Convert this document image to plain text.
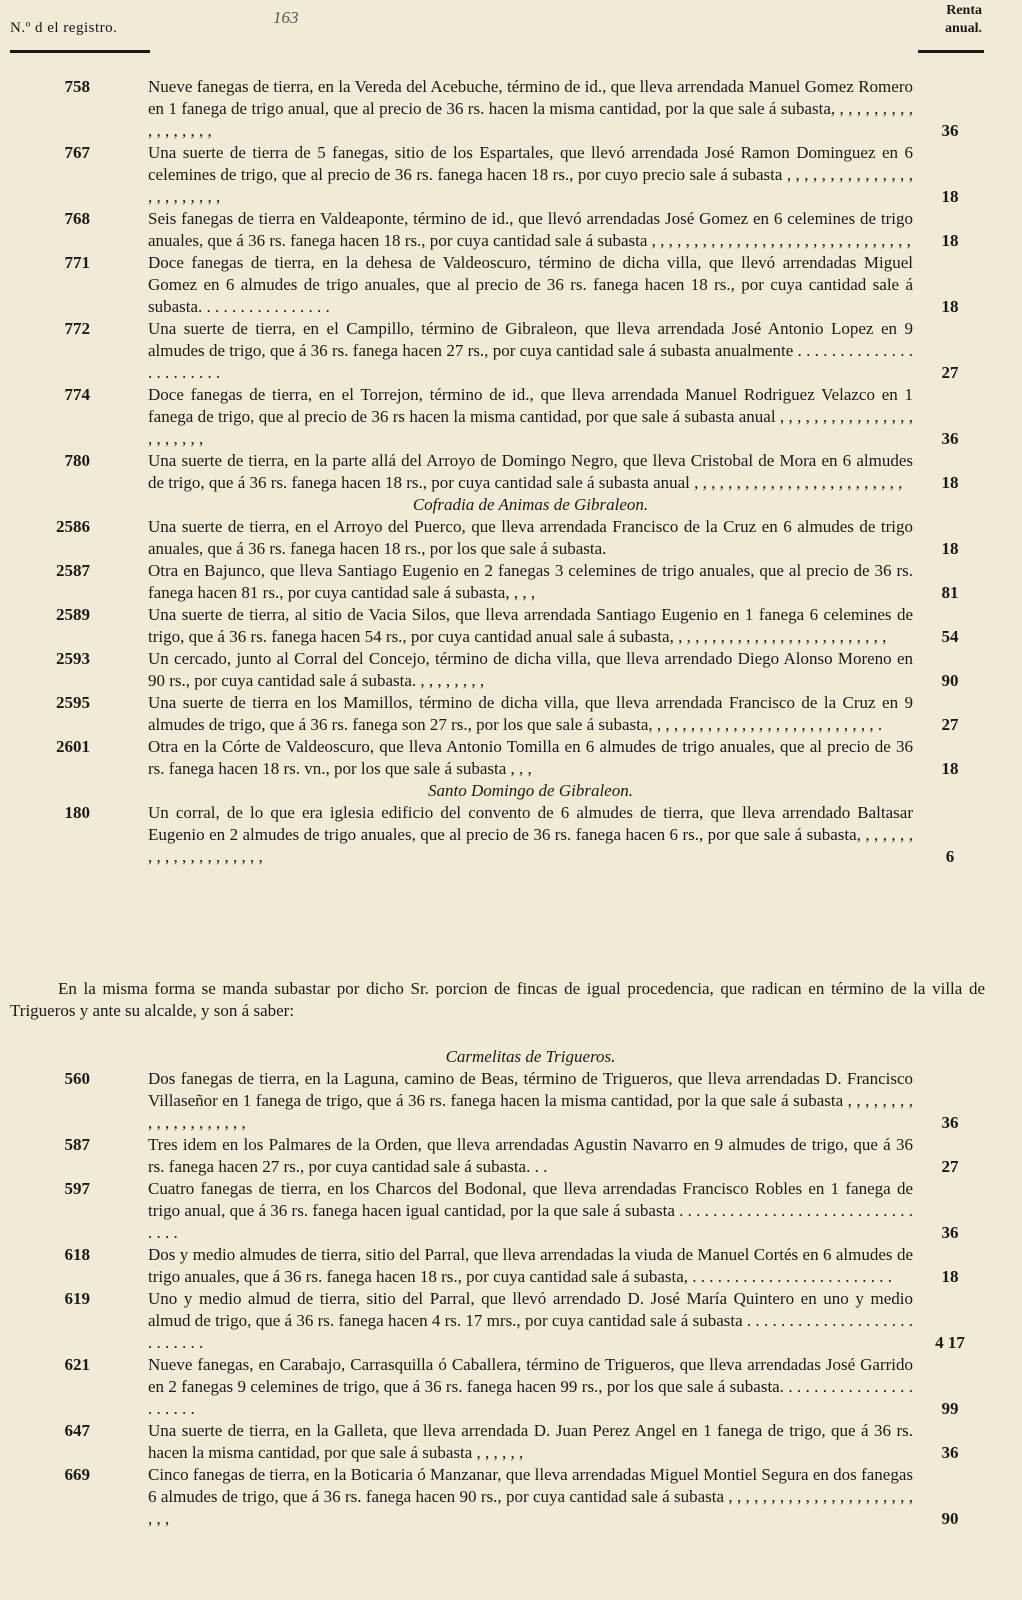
N.º d el registro.
163	Renta
anual.
758	Nueve fanegas de tierra, en la Vereda del Acebuche, término de id., que lleva arrendada Manuel Gomez Romero en 1 fanega de trigo anual, que al precio de 36 rs. hacen la misma cantidad, por la que sale á subasta, , , , , , , , , , , , , , , , , ,	36
767	Una suerte de tierra de 5 fanegas, sitio de los Espartales, que llevó arrendada José Ramon Dominguez en 6 celemines de trigo, que al precio de 36 rs. fanega hacen 18 rs., por cuyo precio sale á subasta , , , , , , , , , , , , , , , , , , , , , , , ,	18
768	Seis fanegas de tierra en Valdeaponte, término de id., que llevó arrendadas José Gomez en 6 celemines de trigo anuales, que á 36 rs. fanega hacen 18 rs., por cuya cantidad sale á subasta , , , , , , , , , , , , , , , , , , , , , , , , , , , , , , ,	18
771	Doce fanegas de tierra, en la dehesa de Valdeoscuro, término de dicha villa, que llevó arrendadas Miguel Gomez en 6 almudes de trigo anuales, que al precio de 36 rs. fanega hacen 18 rs., por cuya cantidad sale á subasta. . . . . . . . . . . . . . . .	18
772	Una suerte de tierra, en el Campillo, término de Gibraleon, que lleva arrendada José Antonio Lopez en 9 almudes de trigo, que á 36 rs. fanega hacen 27 rs., por cuya cantidad sale á subasta anualmente . . . . . . . . . . . . . . . . . . . . . . .	27
774	Doce fanegas de tierra, en el Torrejon, término de id., que lleva arrendada Manuel Rodriguez Velazco en 1 fanega de trigo, que al precio de 36 rs hacen la misma cantidad, por que sale á subasta anual , , , , , , , , , , , , , , , , , , , , , , ,	36
780	Una suerte de tierra, en la parte allá del Arroyo de Domingo Negro, que lleva Cristobal de Mora en 6 almudes de trigo, que á 36 rs. fanega hacen 18 rs., por cuya cantidad sale á subasta anual , , , , , , , , , , , , , , , , , , , , , , , , ,	18
Cofradia de Animas de Gibraleon.
2586	Una suerte de tierra, en el Arroyo del Puerco, que lleva arrendada Francisco de la Cruz en 6 almudes de trigo anuales, que á 36 rs. fanega hacen 18 rs., por los que sale á subasta.	18
2587	Otra en Bajunco, que lleva Santiago Eugenio en 2 fanegas 3 celemines de trigo anuales, que al precio de 36 rs. fanega hacen 81 rs., por cuya cantidad sale á subasta, , , ,	81
2589	Una suerte de tierra, al sitio de Vacia Silos, que lleva arrendada Santiago Eugenio en 1 fanega 6 celemines de trigo, que á 36 rs. fanega hacen 54 rs., por cuya cantidad anual sale á subasta, , , , , , , , , , , , , , , , , , , , , , , , , ,	54
2593	Un cercado, junto al Corral del Concejo, término de dicha villa, que lleva arrendado Diego Alonso Moreno en 90 rs., por cuya cantidad sale á subasta. , , , , , , , ,	90
2595	Una suerte de tierra en los Mamillos, término de dicha villa, que lleva arrendada Francisco de la Cruz en 9 almudes de trigo, que á 36 rs. fanega son 27 rs., por los que sale á subasta, , , , , , , , , , , , , , , , , , , , , , , , , , , .	27
2601	Otra en la Córte de Valdeoscuro, que lleva Antonio Tomilla en 6 almudes de trigo anuales, que al precio de 36 rs. fanega hacen 18 rs. vn., por los que sale á subasta , , ,	18
Santo Domingo de Gibraleon.
180	Un corral, de lo que era iglesia edificio del convento de 6 almudes de tierra, que lleva arrendado Baltasar Eugenio en 2 almudes de trigo anuales, que al precio de 36 rs. fanega hacen 6 rs., por que sale á subasta, , , , , , , , , , , , , , , , , , , , ,	6
En la misma forma se manda subastar por dicho Sr. porcion de fincas de igual procedencia, que radican en término de la villa de Trigueros y ante su alcalde, y son á saber:
Carmelitas de Trigueros.
560	Dos fanegas de tierra, en la Laguna, camino de Beas, término de Trigueros, que lleva arrendadas D. Francisco Villaseñor en 1 fanega de trigo, que á 36 rs. fanega hacen la misma cantidad, por la que sale á subasta , , , , , , , , , , , , , , , , , , , ,	36
587	Tres idem en los Palmares de la Orden, que lleva arrendadas Agustin Navarro en 9 almudes de trigo, que á 36 rs. fanega hacen 27 rs., por cuya cantidad sale á subasta. . .	27
597	Cuatro fanegas de tierra, en los Charcos del Bodonal, que lleva arrendadas Francisco Robles en 1 fanega de trigo anual, que á 36 rs. fanega hacen igual cantidad, por la que sale á subasta . . . . . . . . . . . . . . . . . . . . . . . . . . . . . . . .	36
618	Dos y medio almudes de tierra, sitio del Parral, que lleva arrendadas la viuda de Manuel Cortés en 6 almudes de trigo anuales, que á 36 rs. fanega hacen 18 rs., por cuya cantidad sale á subasta, . . . . . . . . . . . . . . . . . . . . . . . .	18
619	Uno y medio almud de tierra, sitio del Parral, que llevó arrendado D. José María Quintero en uno y medio almud de trigo, que á 36 rs. fanega hacen 4 rs. 17 mrs., por cuya cantidad sale á subasta . . . . . . . . . . . . . . . . . . . . . . . . . . .	4 17
621	Nueve fanegas, en Carabajo, Carrasquilla ó Caballera, término de Trigueros, que lleva arrendadas José Garrido en 2 fanegas 9 celemines de trigo, que á 36 rs. fanega hacen 99 rs., por los que sale á subasta. . . . . . . . . . . . . . . . . . . . . .	99
647	Una suerte de tierra, en la Galleta, que lleva arrendada D. Juan Perez Angel en 1 fanega de trigo, que á 36 rs. hacen la misma cantidad, por que sale á subasta , , , , , ,	36
669	Cinco fanegas de tierra, en la Boticaria ó Manzanar, que lleva arrendadas Miguel Montiel Segura en dos fanegas 6 almudes de trigo, que á 36 rs. fanega hacen 90 rs., por cuya cantidad sale á subasta , , , , , , , , , , , , , , , , , , , , , , , , ,	90
